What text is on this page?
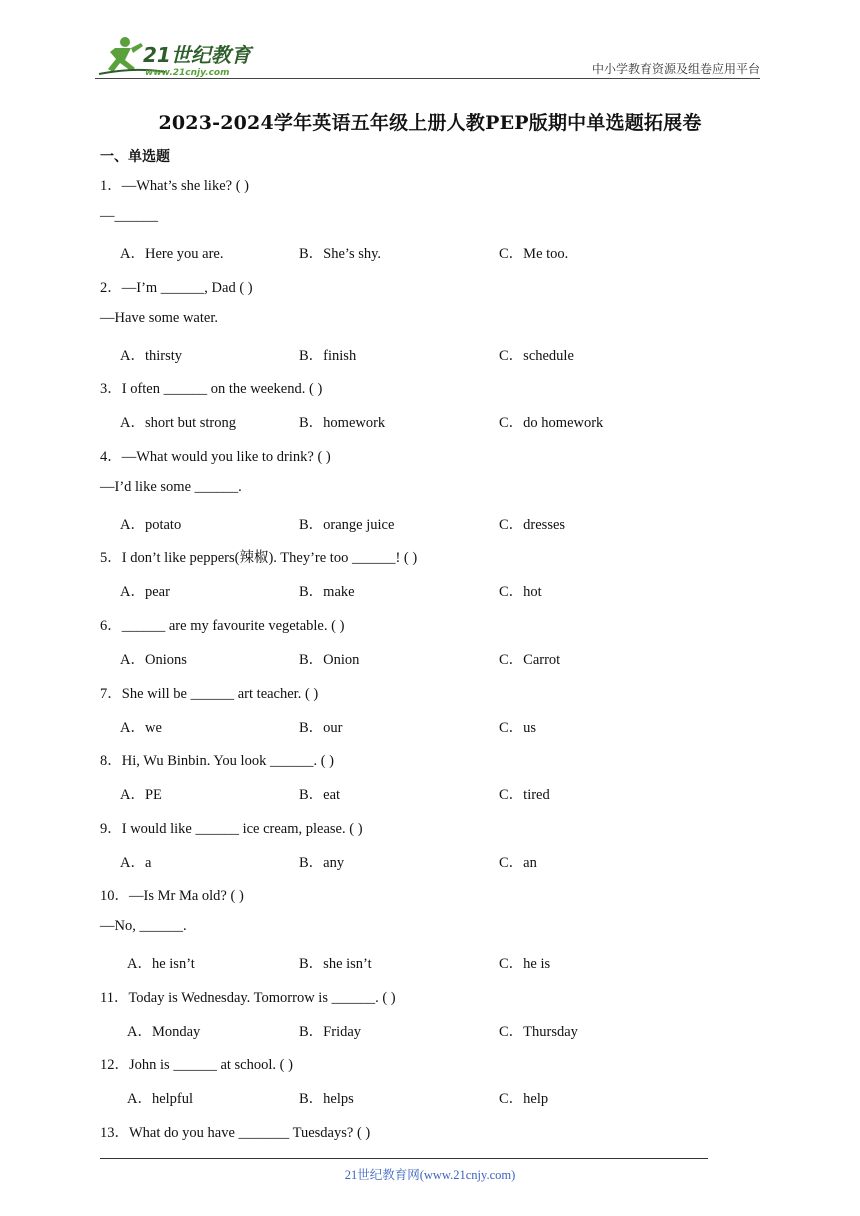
21世纪教育
www.21cnjy.com	中小学教育资源及组卷应用平台
2023-2024学年英语五年级上册人教PEP版期中单选题拓展卷
一、单选题
1．—What’s she like? ( )
—______
A．Here you are.	B．She’s shy.	C．Me too.
2．—I’m ______, Dad ( )
—Have some water.
A．thirsty	B．finish	C．schedule
3．I often ______ on the weekend. ( )
A．short but strong	B．homework	C．do homework
4．—What would you like to drink? ( )
—I’d like some ______.
A．potato	B．orange juice	C．dresses
5．I don’t like peppers(辣椒). They’re too ______! ( )
A．pear	B．make	C．hot
6．______ are my favourite vegetable. ( )
A．Onions	B．Onion	C．Carrot
7．She will be ______ art teacher. ( )
A．we	B．our	C．us
8．Hi, Wu Binbin. You look ______. ( )
A．PE	B．eat	C．tired
9．I would like ______ ice cream, please. ( )
A．a	B．any	C．an
10．—Is Mr Ma old? ( )
—No, ______.
A．he isn’t	B．she isn’t	C．he is
11．Today is Wednesday. Tomorrow is ______. ( )
A．Monday	B．Friday	C．Thursday
12．John is ______ at school. ( )
A．helpful	B．helps	C．help
13．What do you have _______ Tuesdays? ( )
21世纪教育网(www.21cnjy.com)
